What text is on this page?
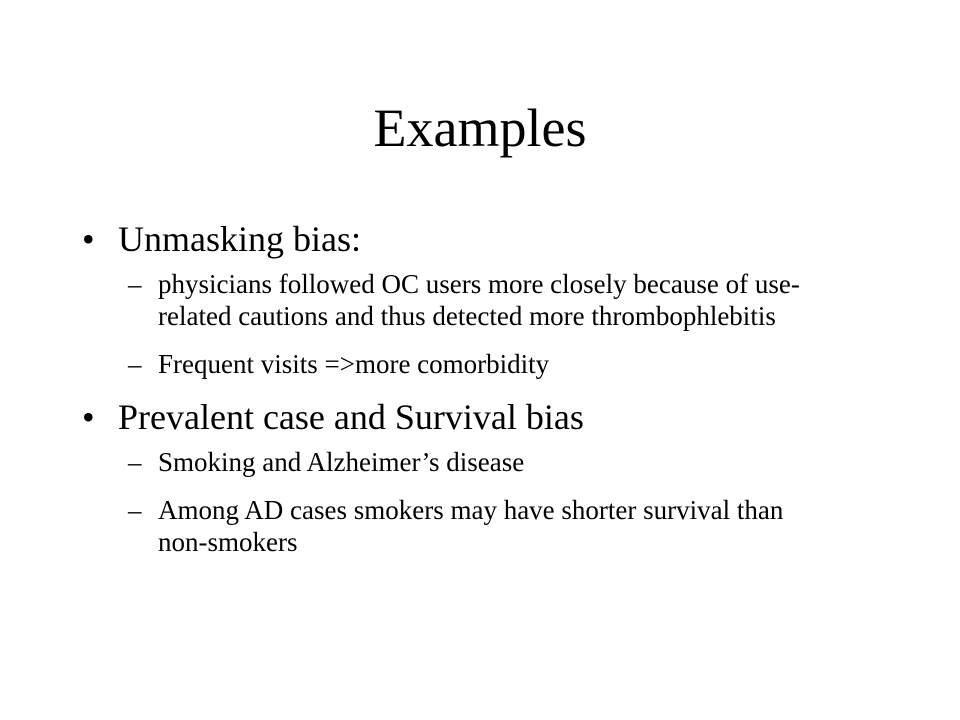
Examples

• Unmasking bias:

– physicians followed OC users more closely because of use-related cautions and thus detected more thrombophlebitis
– Frequent visits =>more comorbidity

• Prevalent case and Survival bias

– Smoking and Alzheimer’s disease
– Among AD cases smokers may have shorter survival than non-smokers
